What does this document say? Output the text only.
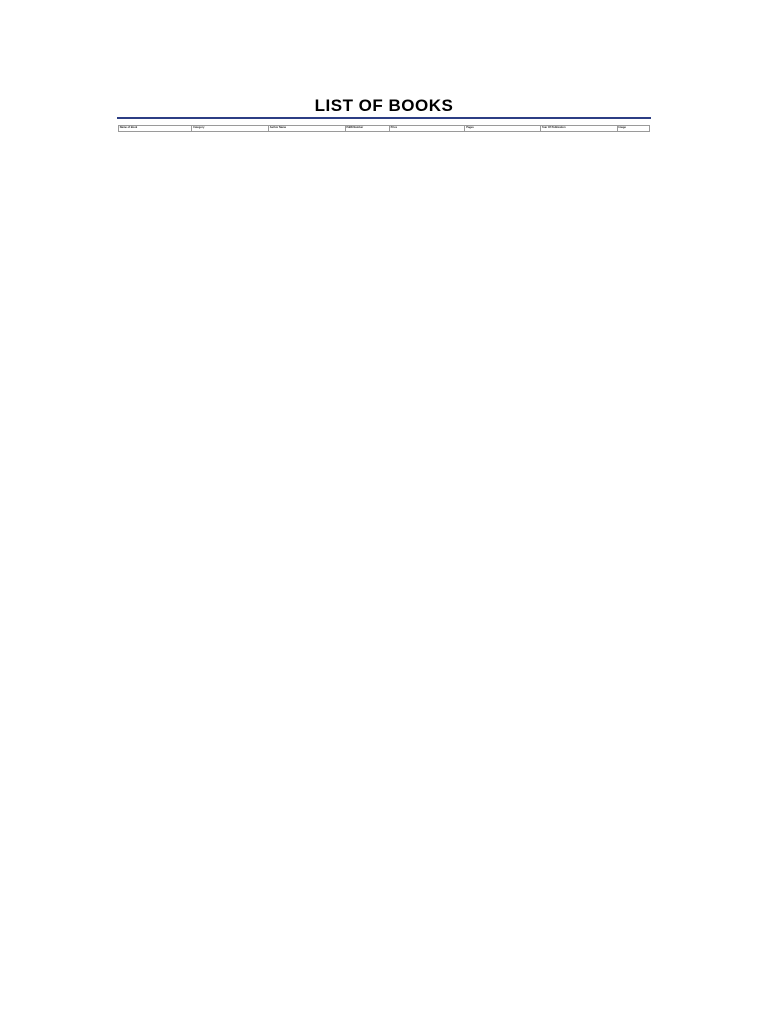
LIST OF BOOKS
Name of Book	Category	Author Name	ISBN Number	Price	Pages	Year Of Publication	Image
